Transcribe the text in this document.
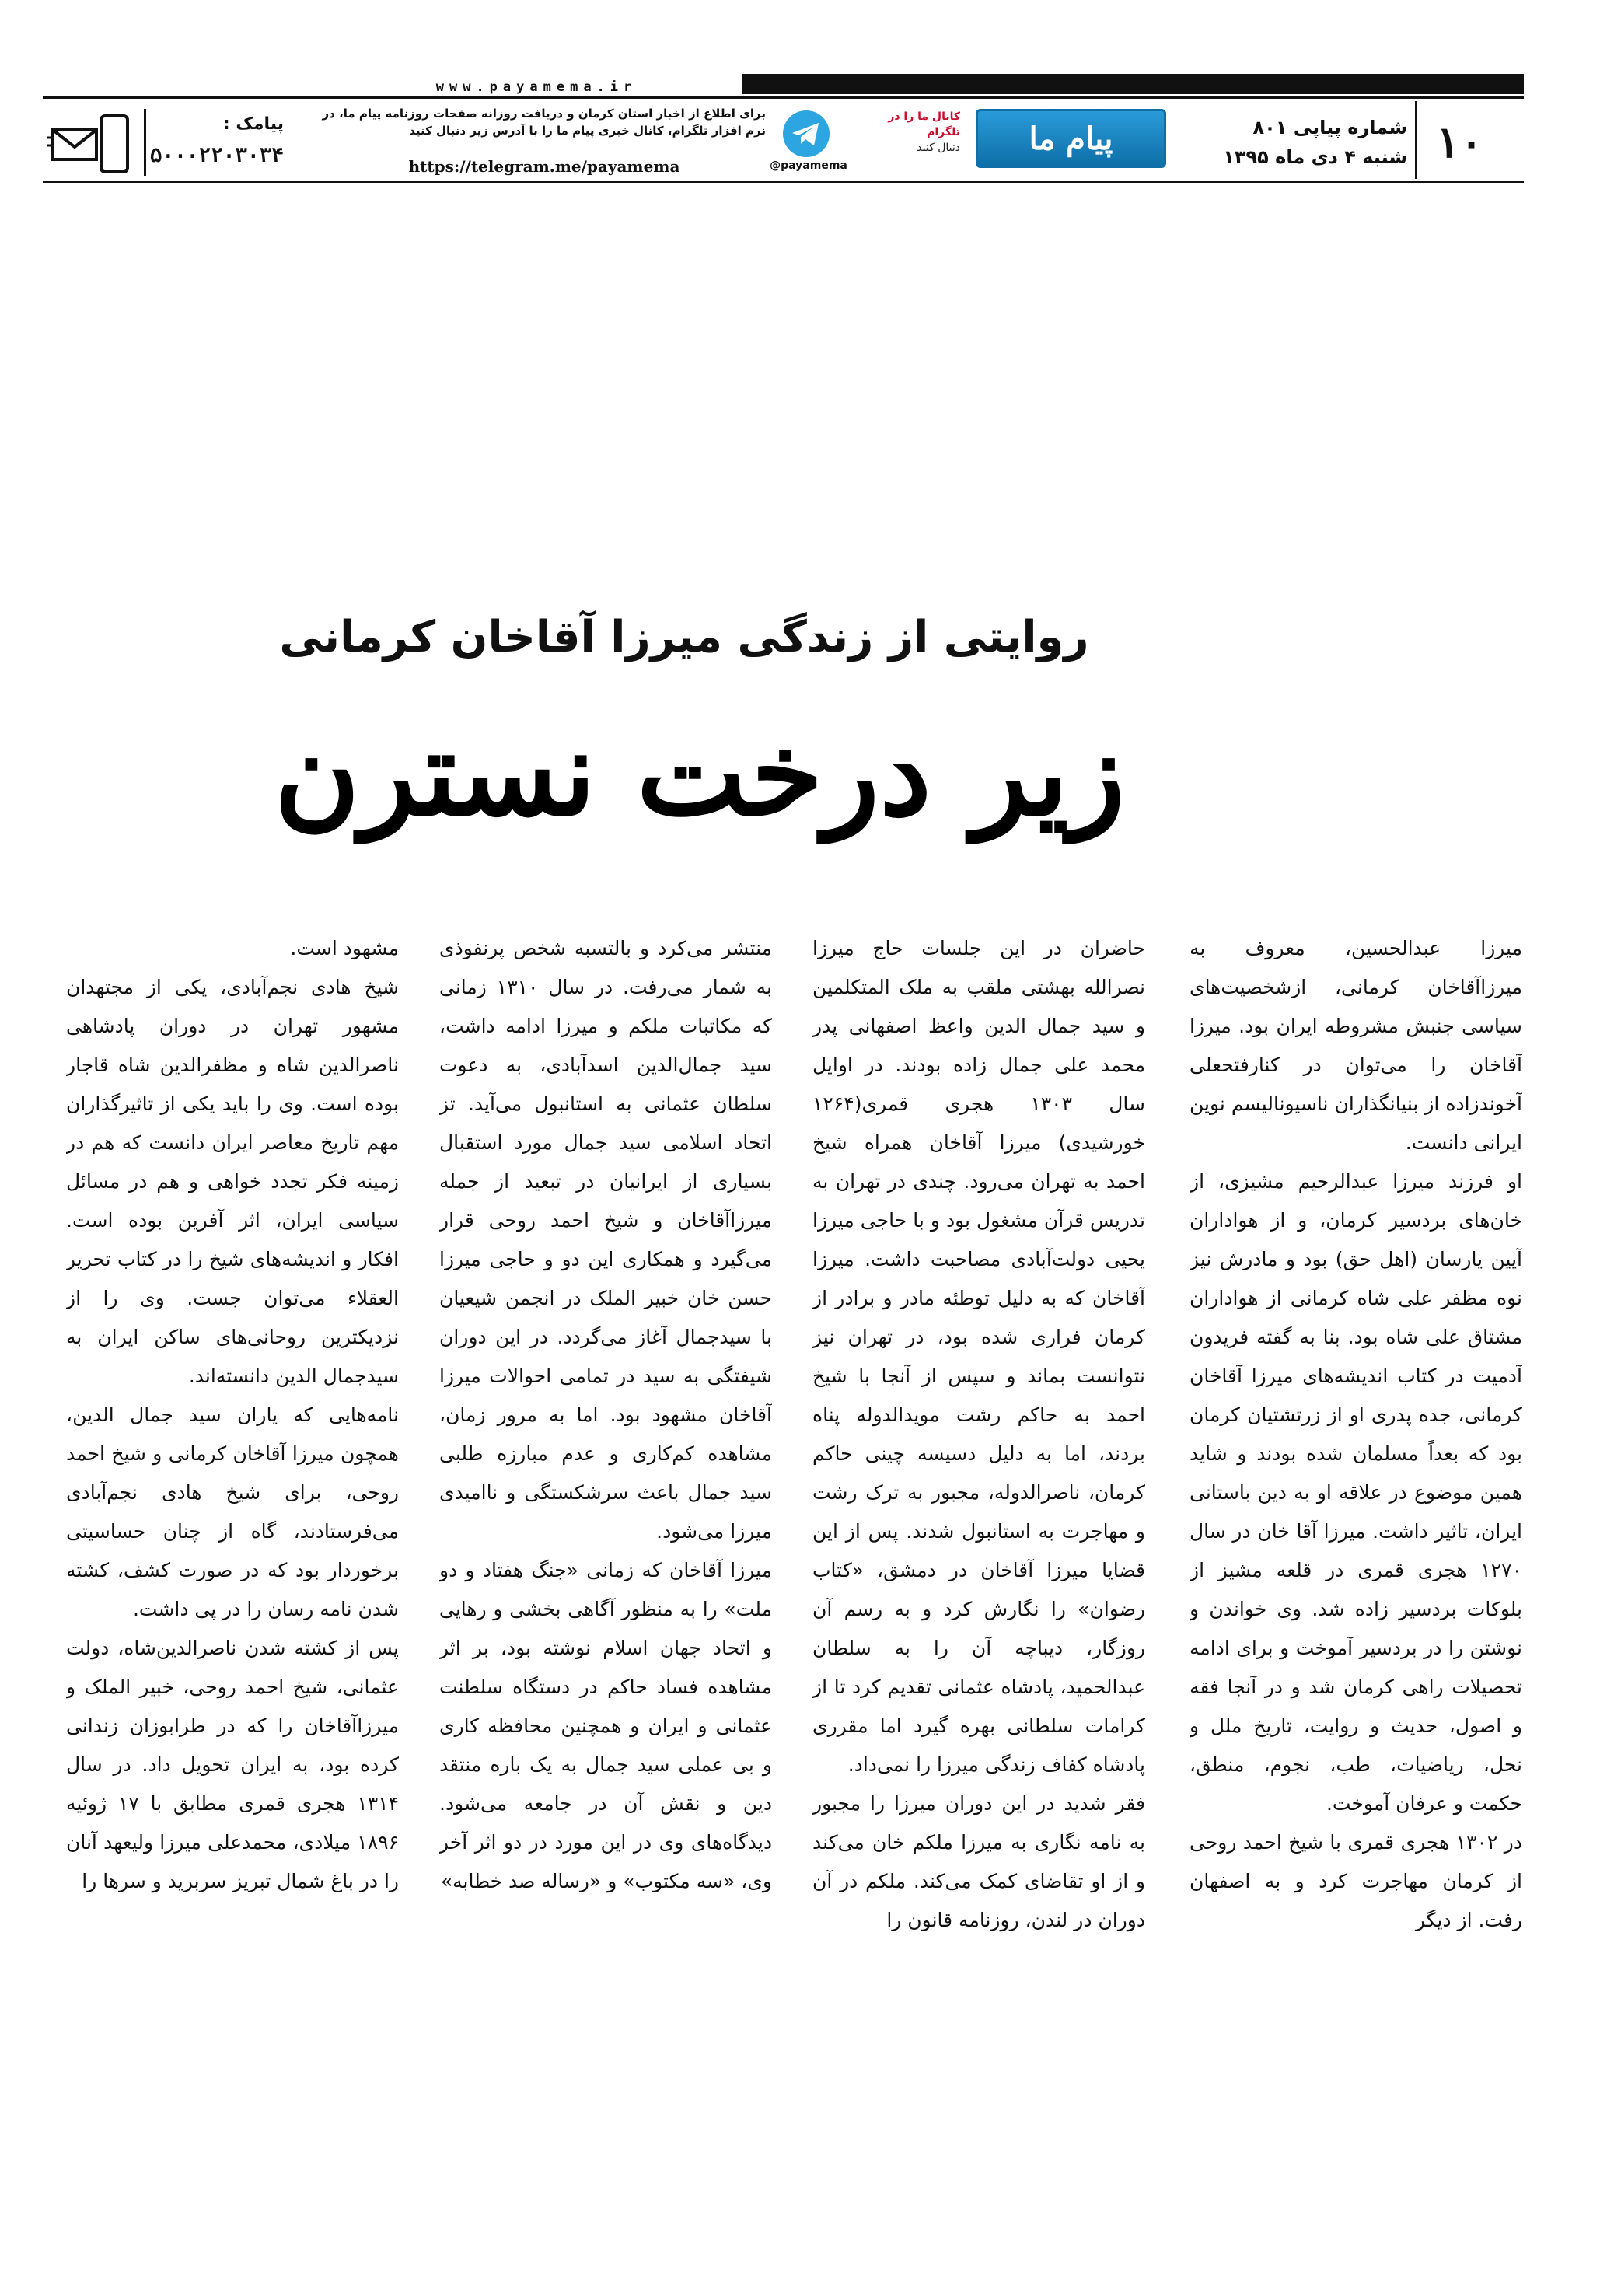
www.payamema.ir
۱۰
شماره پیاپی ۸۰۱
شنبه ۴ دی ماه ۱۳۹۵
پیام ما
کانال ما را در
تلگرام
دنبال کنید
@payamema
برای اطلاع از اخبار استان کرمان و دریافت روزانه صفحات روزنامه پیام ما، در نرم افزار تلگرام، کانال خبری پیام ما را با آدرس زیر دنبال کنید
https://telegram.me/payamema
پیامک :
۵۰۰۰۲۲۰۳۰۳۴
روایتی از زندگی میرزا آقاخان کرمانی
زیر درخت نسترن

میرزا عبدالحسین، معروف به میرزاآقاخان کرمانی، ازشخصیت‌های سیاسی جنبش مشروطه ایران بود. میرزا آقاخان را می‌توان در کنارفتحعلی آخوندزاده از بنیانگذاران ناسیونالیسم نوین ایرانی دانست.

او فرزند میرزا عبدالرحیم مشیزی، از خان‌های بردسیر کرمان، و از هواداران آیین یارسان (اهل حق) بود و مادرش نیز نوه مظفر علی شاه کرمانی از هواداران مشتاق علی شاه بود. بنا به گفته فریدون آدمیت در کتاب اندیشه‌های میرزا آقاخان کرمانی، جده پدری او از زرتشتیان کرمان بود که بعداً مسلمان شده بودند و شاید همین موضوع در علاقه او به دین باستانی ایران، تاثیر داشت. میرزا آقا خان در سال ۱۲۷۰ هجری قمری در قلعه مشیز از بلوکات بردسیر زاده شد. وی خواندن و نوشتن را در بردسیر آموخت و برای ادامه تحصیلات راهی کرمان شد و در آنجا فقه و اصول، حدیث و روایت، تاریخ ملل و نحل، ریاضیات، طب، نجوم، منطق، حکمت و عرفان آموخت.

در ۱۳۰۲ هجری قمری با شیخ احمد روحی از کرمان مهاجرت کرد و به اصفهان رفت. از دیگر

حاضران در این جلسات حاج میرزا نصرالله بهشتی ملقب به ملک المتکلمین و سید جمال الدین واعظ اصفهانی پدر محمد علی جمال زاده بودند. در اوایل سال ۱۳۰۳ هجری قمری(۱۲۶۴ خورشیدی) میرزا آقاخان همراه شیخ احمد به تهران می‌رود. چندی در تهران به تدریس قرآن مشغول بود و با حاجی میرزا یحیی دولت‌آبادی مصاحبت داشت. میرزا آقاخان که به دلیل توطئه مادر و برادر از کرمان فراری شده بود، در تهران نیز نتوانست بماند و سپس از آنجا با شیخ احمد به حاکم رشت مویدالدوله پناه بردند، اما به دلیل دسیسه چینی حاکم کرمان، ناصرالدوله، مجبور به ترک رشت و مهاجرت به استانبول شدند. پس از این قضایا میرزا آقاخان در دمشق، «کتاب رضوان» را نگارش کرد و به رسم آن روزگار، دیباچه آن را به سلطان عبدالحمید، پادشاه عثمانی تقدیم کرد تا از کرامات سلطانی بهره گیرد اما مقرری پادشاه کفاف زندگی میرزا را نمی‌داد.

فقر شدید در این دوران میرزا را مجبور به نامه نگاری به میرزا ملکم خان می‌کند و از او تقاضای کمک می‌کند. ملکم در آن دوران در لندن، روزنامه قانون را

منتشر می‌کرد و بالتسبه شخص پرنفوذی به شمار می‌رفت. در سال ۱۳۱۰ زمانی که مکاتبات ملکم و میرزا ادامه داشت، سید جمال‌الدین اسدآبادی، به دعوت سلطان عثمانی به استانبول می‌آید. تز اتحاد اسلامی سید جمال مورد استقبال بسیاری از ایرانیان در تبعید از جمله میرزاآقاخان و شیخ احمد روحی قرار می‌گیرد و همکاری این دو و حاجی میرزا حسن خان خبیر الملک در انجمن شیعیان با سیدجمال آغاز می‌گردد. در این دوران شیفتگی به سید در تمامی احوالات میرزا آقاخان مشهود بود. اما به مرور زمان، مشاهده کم‌کاری و عدم مبارزه طلبی سید جمال باعث سرشکستگی و ناامیدی میرزا می‌شود.

میرزا آقاخان که زمانی «جنگ هفتاد و دو ملت» را به منظور آگاهی بخشی و رهایی و اتحاد جهان اسلام نوشته بود، بر اثر مشاهده فساد حاکم در دستگاه سلطنت عثمانی و ایران و همچنین محافظه کاری و بی عملی سید جمال به یک باره منتقد دین و نقش آن در جامعه می‌شود. دیدگاه‌های وی در این مورد در دو اثر آخر وی، «سه مکتوب» و «رساله صد خطابه»

مشهود است.

شیخ هادی نجم‌آبادی، یکی از مجتهدان مشهور تهران در دوران پادشاهی ناصرالدین شاه و مظفرالدین شاه قاجار بوده است. وی را باید یکی از تاثیرگذاران مهم تاریخ معاصر ایران دانست که هم در زمینه فکر تجدد خواهی و هم در مسائل سیاسی ایران، اثر آفرین بوده است. افکار و اندیشه‌های شیخ را در کتاب تحریر العقلاء می‌توان جست. وی را از نزدیکترین روحانی‌های ساکن ایران به سیدجمال الدین دانسته‌اند.

نامه‌هایی که یاران سید جمال الدین، همچون میرزا آقاخان کرمانی و شیخ احمد روحی، برای شیخ هادی نجم‌آبادی می‌فرستادند، گاه از چنان حساسیتی برخوردار بود که در صورت کشف، کشته شدن نامه رسان را در پی داشت.

پس از کشته شدن ناصرالدین‌شاه، دولت عثمانی، شیخ احمد روحی، خبیر الملک و میرزاآقاخان را که در طرابوزان زندانی کرده بود، به ایران تحویل داد. در سال ۱۳۱۴ هجری قمری مطابق با ۱۷ ژوئیه ۱۸۹۶ میلادی، محمدعلی میرزا ولیعهد آنان را در باغ شمال تبریز سربرید و سرها را
